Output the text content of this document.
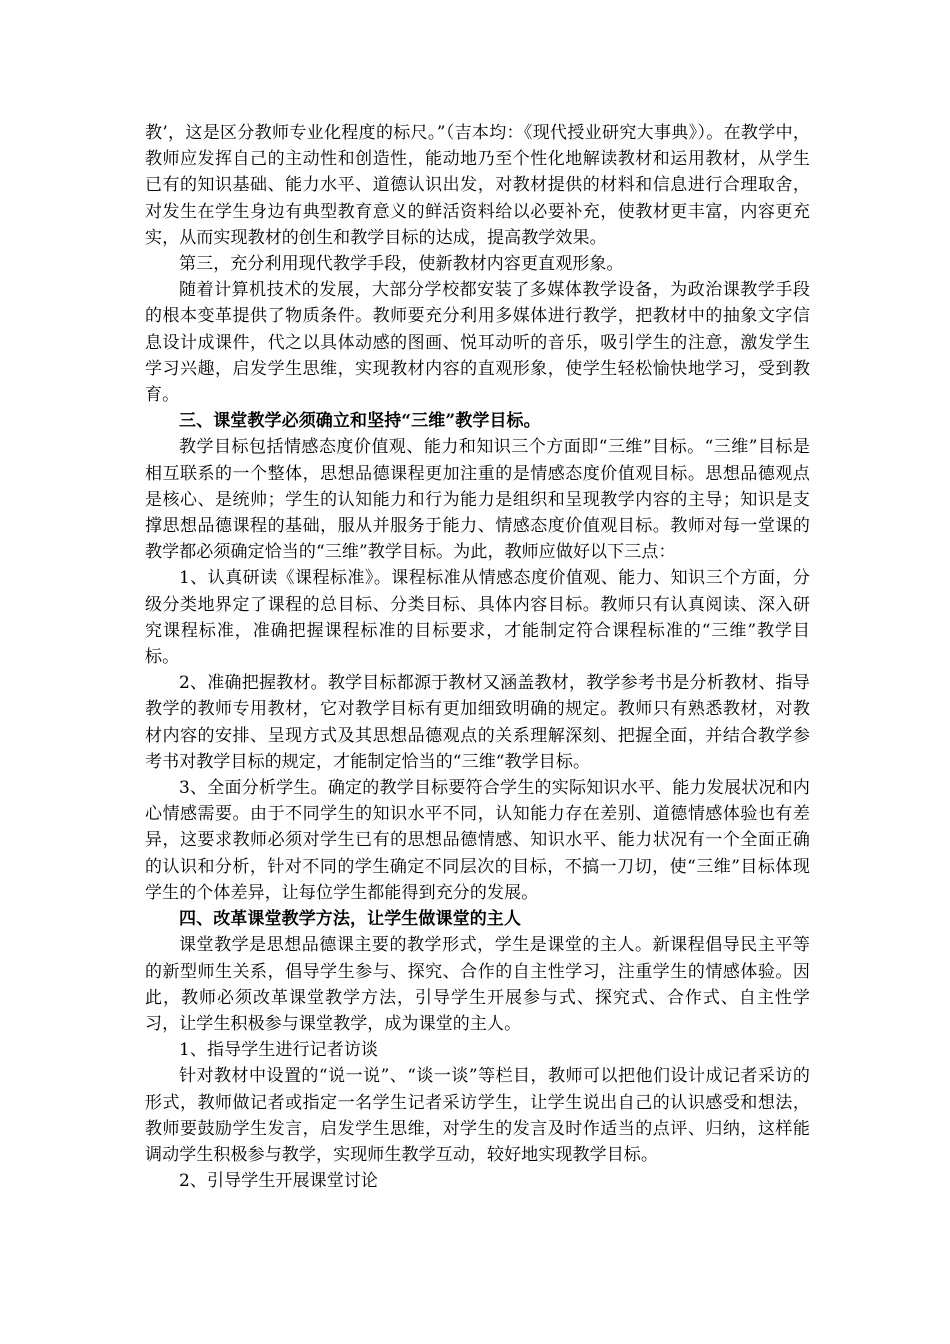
教’，这是区分教师专业化程度的标尺。”（吉本均：《现代授业研究大事典》）。在教学中，教师应发挥自己的主动性和创造性，能动地乃至个性化地解读教材和运用教材，从学生已有的知识基础、能力水平、道德认识出发，对教材提供的材料和信息进行合理取舍，对发生在学生身边有典型教育意义的鲜活资料给以必要补充，使教材更丰富，内容更充实，从而实现教材的创生和教学目标的达成，提高教学效果。

第三，充分利用现代教学手段，使新教材内容更直观形象。

随着计算机技术的发展，大部分学校都安装了多媒体教学设备，为政治课教学手段的根本变革提供了物质条件。教师要充分利用多媒体进行教学，把教材中的抽象文字信息设计成课件，代之以具体动感的图画、悦耳动听的音乐，吸引学生的注意，激发学生学习兴趣，启发学生思维，实现教材内容的直观形象，使学生轻松愉快地学习，受到教育。

三、课堂教学必须确立和坚持“三维”教学目标。

教学目标包括情感态度价值观、能力和知识三个方面即“三维”目标。“三维”目标是相互联系的一个整体，思想品德课程更加注重的是情感态度价值观目标。思想品德观点是核心、是统帅；学生的认知能力和行为能力是组织和呈现教学内容的主导；知识是支撑思想品德课程的基础，服从并服务于能力、情感态度价值观目标。教师对每一堂课的教学都必须确定恰当的“三维”教学目标。为此，教师应做好以下三点：

1、认真研读《课程标准》。课程标准从情感态度价值观、能力、知识三个方面，分级分类地界定了课程的总目标、分类目标、具体内容目标。教师只有认真阅读、深入研究课程标准，准确把握课程标准的目标要求，才能制定符合课程标准的“三维”教学目标。

2、准确把握教材。教学目标都源于教材又涵盖教材，教学参考书是分析教材、指导教学的教师专用教材，它对教学目标有更加细致明确的规定。教师只有熟悉教材，对教材内容的安排、呈现方式及其思想品德观点的关系理解深刻、把握全面，并结合教学参考书对教学目标的规定，才能制定恰当的“三维“教学目标。

3、全面分析学生。确定的教学目标要符合学生的实际知识水平、能力发展状况和内心情感需要。由于不同学生的知识水平不同，认知能力存在差别、道德情感体验也有差异，这要求教师必须对学生已有的思想品德情感、知识水平、能力状况有一个全面正确的认识和分析，针对不同的学生确定不同层次的目标，不搞一刀切，使“三维”目标体现学生的个体差异，让每位学生都能得到充分的发展。

四、改革课堂教学方法，让学生做课堂的主人

课堂教学是思想品德课主要的教学形式，学生是课堂的主人。新课程倡导民主平等的新型师生关系，倡导学生参与、探究、合作的自主性学习，注重学生的情感体验。因此，教师必须改革课堂教学方法，引导学生开展参与式、探究式、合作式、自主性学习，让学生积极参与课堂教学，成为课堂的主人。

1、指导学生进行记者访谈

针对教材中设置的“说一说”、“谈一谈”等栏目，教师可以把他们设计成记者采访的形式，教师做记者或指定一名学生记者采访学生，让学生说出自己的认识感受和想法，教师要鼓励学生发言，启发学生思维，对学生的发言及时作适当的点评、归纳，这样能调动学生积极参与教学，实现师生教学互动，较好地实现教学目标。

2、引导学生开展课堂讨论
